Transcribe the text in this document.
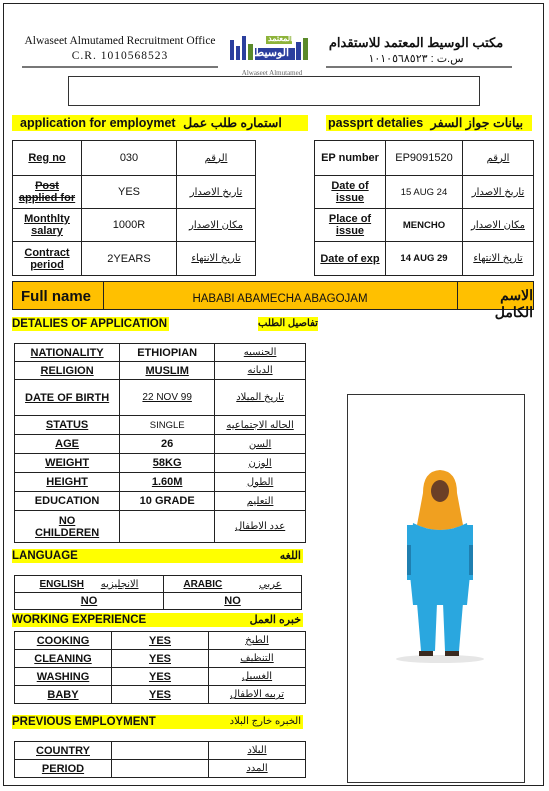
Alwaseet Almutamed Recruitment Office
C.R. 1010568523	الوسيط
المعتمد
Alwaseet Almutamed
مكتب الوسيط المعتمد للاستقدام
س.ت : ١٠١٠٥٦٨٥٢٣
application for employmet استماره طلب عمل	passprt detalies بيانات جواز السفر
Reg no	030	الرقم
Post applied for	YES	تاريخ الاصدار
Monthlty salary	1000R	مكان الاصدار
Contract period	2YEARS	تاريخ الانتهاء
EP number	EP9091520	الرقم
Date of issue	15 AUG 24	تاريخ الاصدار
Place of issue	MENCHO	مكان الاصدار
Date of exp	14 AUG 29	تاريخ الانتهاء
Full name	HABABI ABAMECHA ABAGOJAM	الاسم الكامل
DETALIES OF APPLICATION	تفاصيل الطلب
NATIONALITY	ETHIOPIAN	الجنسيه
RELIGION	MUSLIM	الديانه
DATE OF BIRTH	22 NOV 99	تاريخ الميلاد
STATUS	SINGLE	الحاله الاجتماعيه
AGE	26	السن
WEIGHT	58KG	الوزن
HEIGHT	1.60M	الطول
EDUCATION	10 GRADE	التعليم
NO CHILDEREN		عدد الاطفال
LANGUAGE	اللغه
ENGLISH الانجليزيه	ARABIC عربي
NO	NO
WORKING EXPERIENCE	خبره العمل
COOKING	YES	الطبخ
CLEANING	YES	التنظيف
WASHING	YES	الغسيل
BABY	YES	تربيه الاطفال
PREVIOUS EMPLOYMENT	الخبره خارج البلاد
COUNTRY		البلاد
PERIOD		المدد
